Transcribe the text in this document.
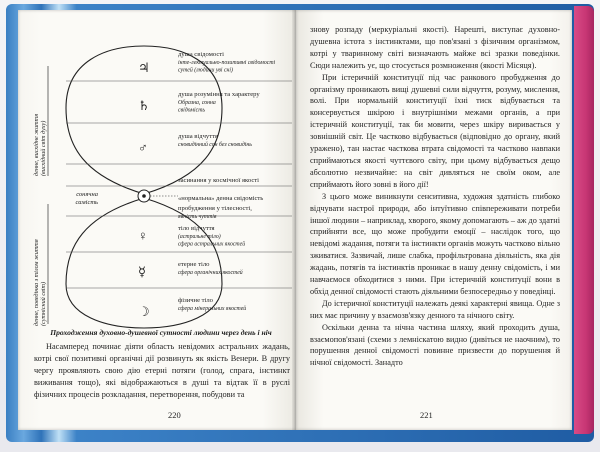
денне, висхідне життя (висхідний світ духу)
денне, поведінка з тілом життя (сутнісний світ)
♃
♄
♂
♀
☿
☽
сонячна
самість
душа свідомості
інте-лектуально-позитивні свідомості
сутей (людини уві сні)
душа розуміння та характеру
Образна, сонна
свідомість
душа відчуття
сновидінний сон без сновидінь
засинання у космічної якості
«нормальна» денна свідомість
пробудження у тілесності,
явність чуттів
тіло відчуття
(астральне тіло)
сфера астральних якостей
етерне тіло
сфера органічних якостей
фізичне тіло
сфера мінеральних якостей
Проходження духовно-душевної сутності людини через день і ніч

Насамперед починає діяти область невідомих астральних жадань, котрі свої позитивні органічні дії розвинуть як якість Венери. В другу чергу проявляють свою дію етерні потяги (голод, спрага, інстинкт виживання тощо), які відображаються в душі та відтак її в руслі фізичних процесів розкладання, перетворення, побудови та

220

знову розпаду (меркуріальні якості). Нарешті, виступає духовно-душевна істота з інстинктами, що пов'язані з фізичним організмом, котрі у тваринному світі визначають майже всі зразки поведінки. Сюди належить ує, що стосується розмноження (якості Місяця).

При істеричній конституції під час ранкового пробудження до організму проникають вищі душевні сили відчуття, розуму, мислення, волі. При нормальній конституції їхні тиск відбувається та консервується шкірою і внутрішніми межами органів, а при істеричній конституції, так би мовити, через шкіру виривається у зовнішній світ. Це частково відбувається (відповідно до органу, який уражено), тан настає часткова втрата свідомості та частково навпаки сприймаються якості чуттєвого світу, при цьому відбувається дещо абсолютно незвичайне: на світ дивляться не своїм оком, але сприймають його зовні в його дії!

З цього може виникнути сенситивна, художня здатність глибоко відчувати настрої природи, або інтуїтивно співпереживати потреби іншої людини – наприклад, хворого, якому допомагають – аж до здатні сприйняти все, що може пробудити емоції – наслідок того, що невідомі жадання, потяги та інстинкти органів можуть частково вільно зживатися. Зазвичай, лише слабка, профільтрована діяльність, яка дія жадань, потягів та інстинктів проникає в нашу денну свідомість, і ми навчаємося обходитися з ними. При істеричній конституції вони в обхід денної свідомості стають діяльними безпосередньо у поведінці.

До істеричної конституції належать деякі характерні явища. Одне з них має причину у взаємозв'язку денного та нічного світу.

Оскільки денна та нічна частина шляху, який проходить душа, взаємопов'язані (схеми з лемніскатою видно (дивіться не наочним), то порушення денної свідомості повинне призвести до порушення й нічної свідомості. Занадто

221
